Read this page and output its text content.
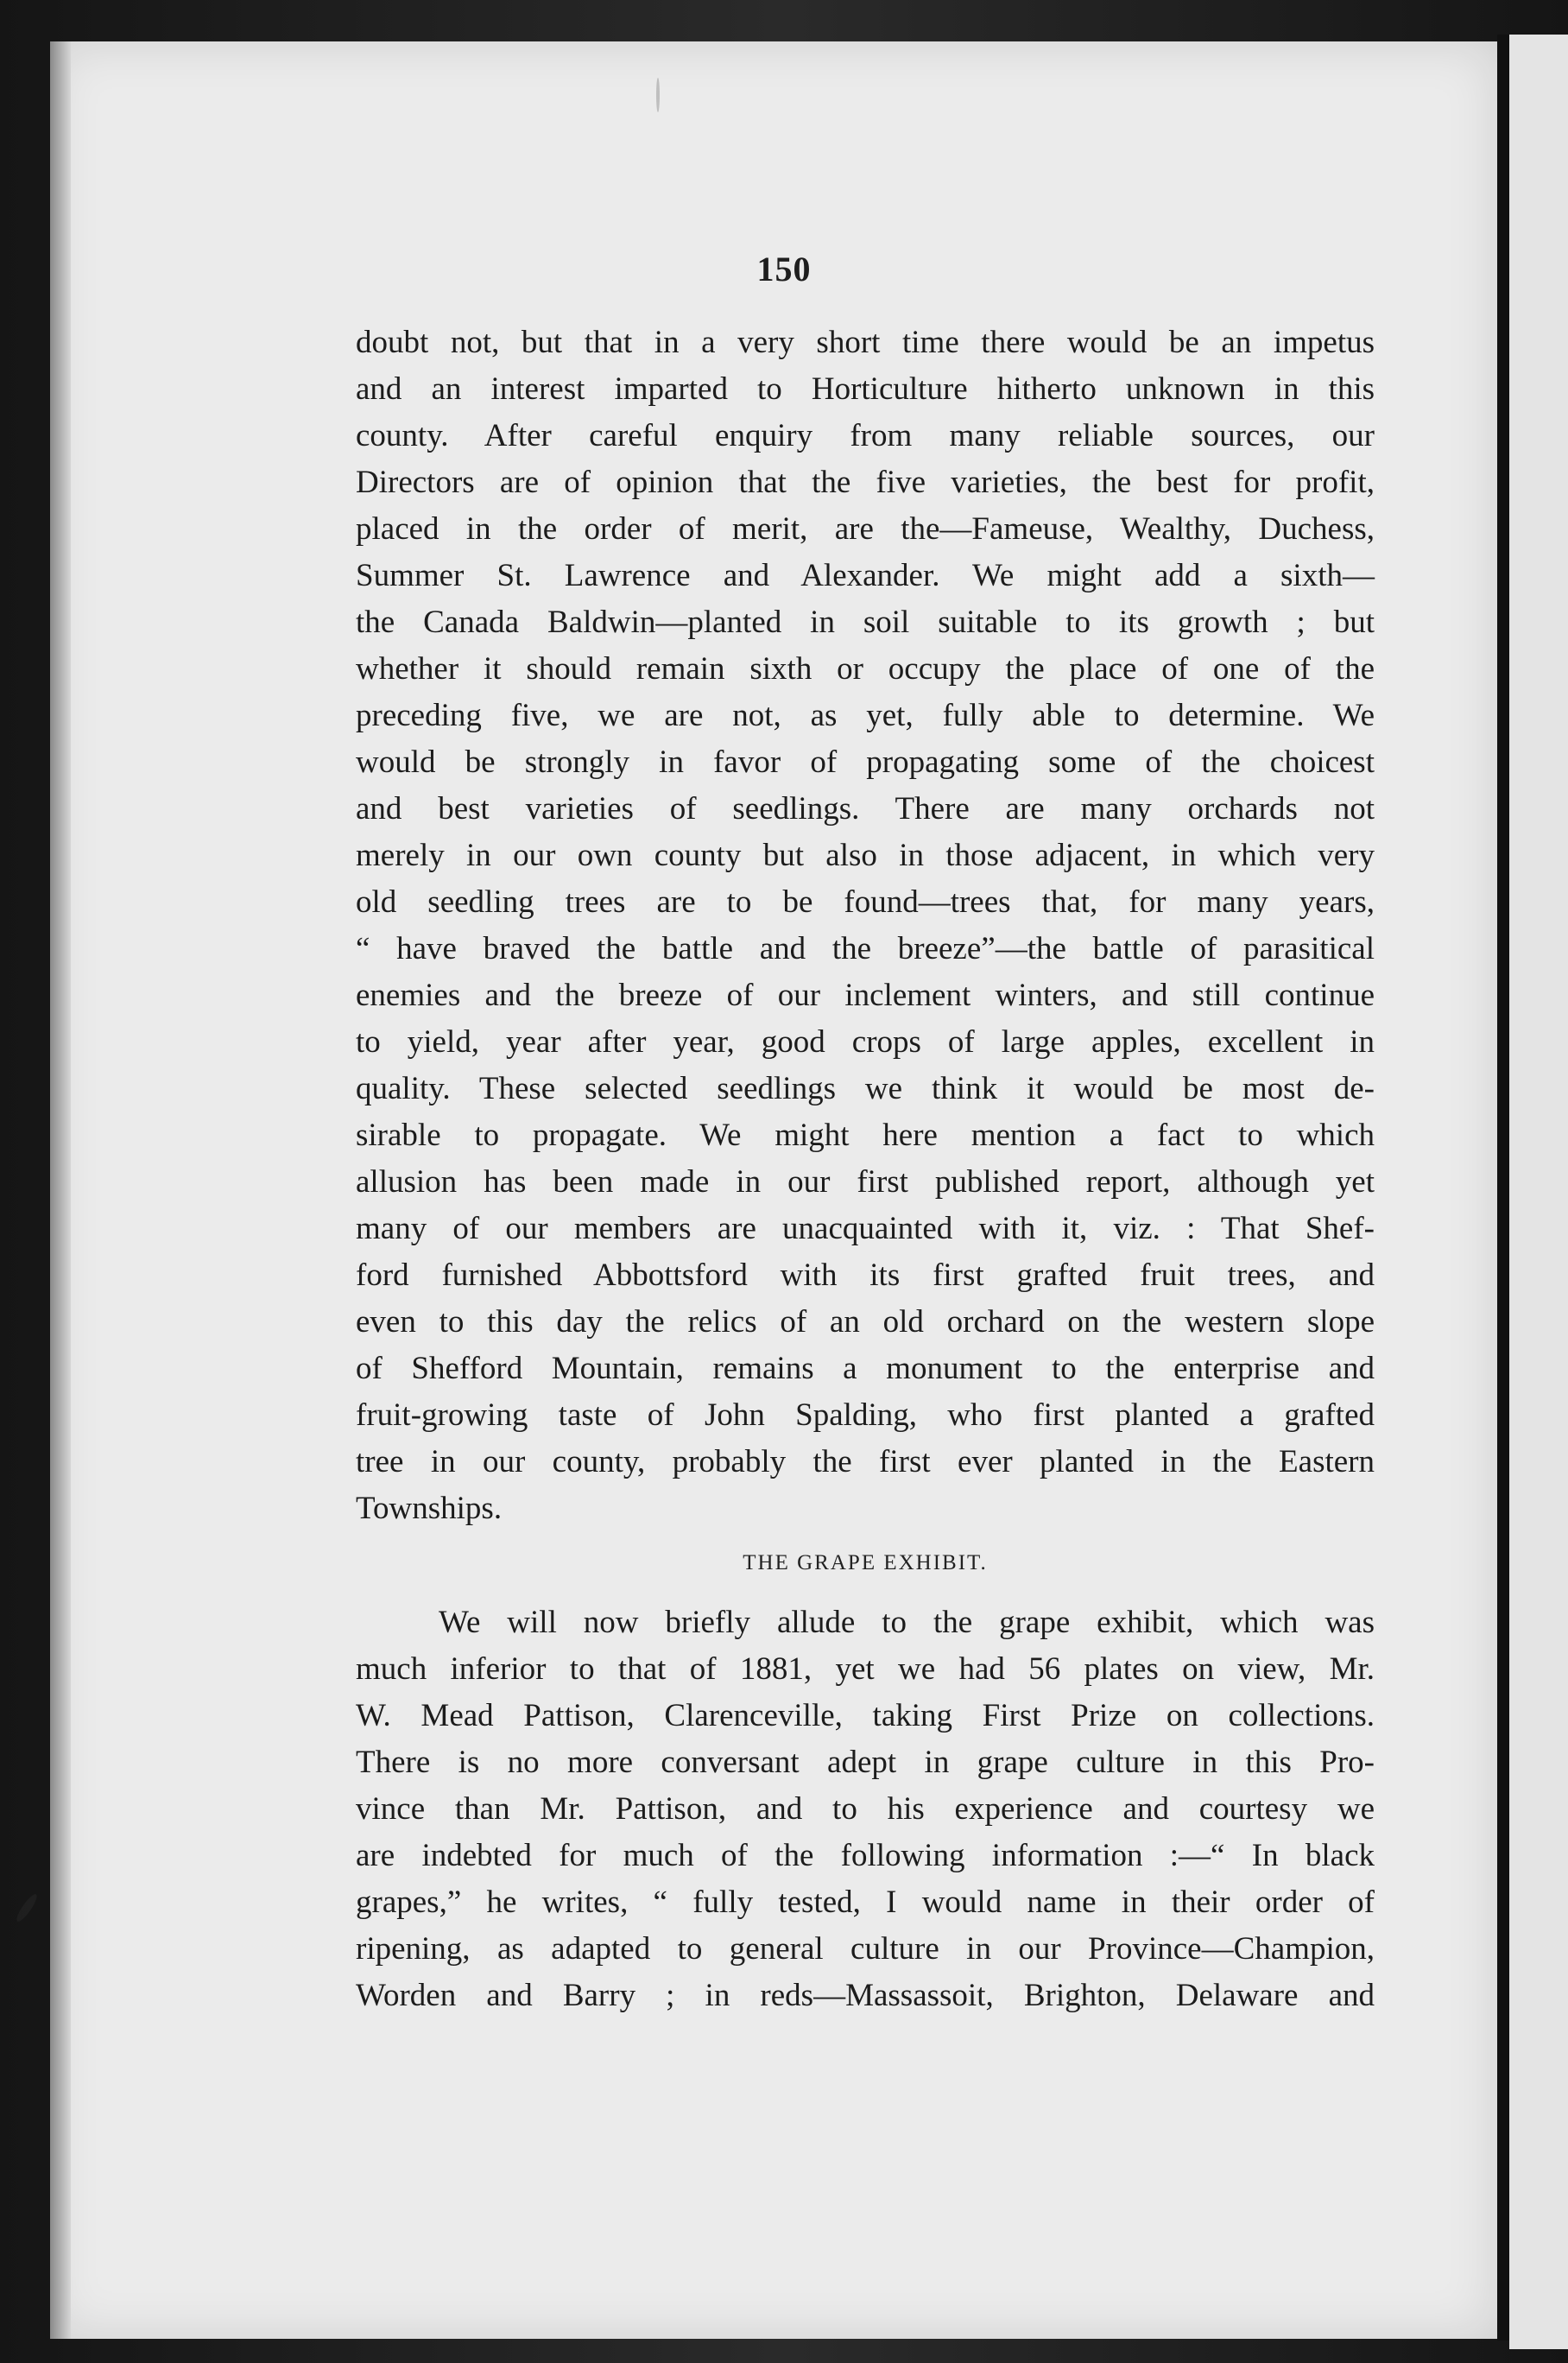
150
doubt not, but that in a very short time there would be an impetus
and an interest imparted to Horticulture hitherto unknown in this
county. After careful enquiry from many reliable sources, our
Directors are of opinion that the five varieties, the best for profit,
placed in the order of merit, are the—Fameuse, Wealthy, Duchess,
Summer St. Lawrence and Alexander. We might add a sixth—
the Canada Baldwin—planted in soil suitable to its growth ; but
whether it should remain sixth or occupy the place of one of the
preceding five, we are not, as yet, fully able to determine. We
would be strongly in favor of propagating some of the choicest
and best varieties of seedlings. There are many orchards not
merely in our own county but also in those adjacent, in which very
old seedling trees are to be found—trees that, for many years,
“ have braved the battle and the breeze”—the battle of parasitical
enemies and the breeze of our inclement winters, and still continue
to yield, year after year, good crops of large apples, excellent in
quality. These selected seedlings we think it would be most de-
sirable to propagate. We might here mention a fact to which
allusion has been made in our first published report, although yet
many of our members are unacquainted with it, viz. : That Shef-
ford furnished Abbottsford with its first grafted fruit trees, and
even to this day the relics of an old orchard on the western slope
of Shefford Mountain, remains a monument to the enterprise and
fruit-growing taste of John Spalding, who first planted a grafted
tree in our county, probably the first ever planted in the Eastern
Townships.
THE GRAPE EXHIBIT.
We will now briefly allude to the grape exhibit, which was
much inferior to that of 1881, yet we had 56 plates on view, Mr.
W. Mead Pattison, Clarenceville, taking First Prize on collections.
There is no more conversant adept in grape culture in this Pro-
vince than Mr. Pattison, and to his experience and courtesy we
are indebted for much of the following information :—“ In black
grapes,” he writes, “ fully tested, I would name in their order of
ripening, as adapted to general culture in our Province—Champion,
Worden and Barry ; in reds—Massassoit, Brighton, Delaware and
